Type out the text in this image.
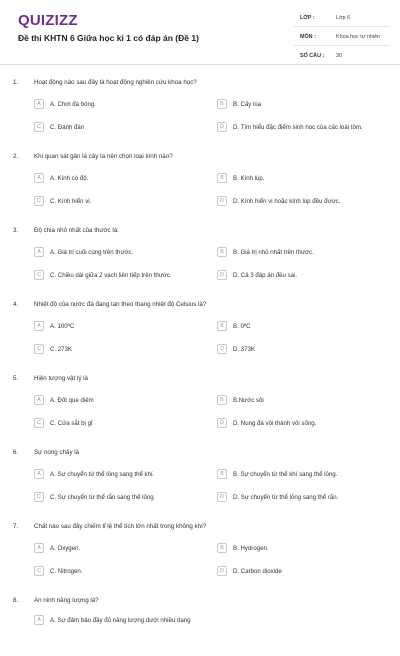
QUIZIZZ
Đề thi KHTN 6 Giữa học kì 1 có đáp án (Đề 1)
LỚP :	Lớp 6
MÔN :	Khoa học tự nhiên
SỐ CÂU : 30
1.	Hoạt động nào sau đây là hoạt động nghiên cứu khoa học?
A	A. Chơi đá bóng.	B	B. Cấy lúa
C	C. Đánh đàn	D	D. Tìm hiểu đặc điểm sinh học của các loài tôm.
2.	Khi quan sát gân lá cây ta nên chọn loại kính nào?
A	A. Kính có độ.	B	B. Kính lúp.
C	C. Kính hiển vi.	D	D. Kính hiển vi hoặc kính lúp đều được.
3.	Độ chia nhỏ nhất của thước là:
A	A. Giá trị cuối cùng trên thước.	B	B. Giá trị nhỏ nhất trên thước.
C	C. Chiều dài giữa 2 vạch liên tiếp trên thước.	D	D. Cả 3 đáp án đều sai.
4.	Nhiệt độ của nước đá đang tan theo thang nhiệt độ Celsius là?
A	A. 100ºC	B	B. 0ºC
C	C. 273K	D	D. 373K
5.	Hiện tượng vật lý là
A	A. Đốt que diêm	B	B.Nước sôi
C	C. Cửa sắt bị gỉ	D	D. Nung đá vôi thành vôi sống.
6.	Sự nóng chảy là
A	A. Sự chuyển từ thể lỏng sang thể khí.	B	B. Sự chuyển từ thể khí sang thể lỏng.
C	C. Sự chuyển từ thể rắn sang thể lỏng.	D	D. Sự chuyển từ thể lỏng sang thể rắn.
7.	Chất nào sau đây chiếm tỉ lệ thể tích lớn nhất trong không khí?
A	A. Oxygen.	B	B. Hydrogen.
C	C. Nitrogen.	D	D. Carbon dioxide
8.	An ninh năng lượng là?
A	A. Sự đảm bảo đầy đủ năng lượng dưới nhiều dạng
